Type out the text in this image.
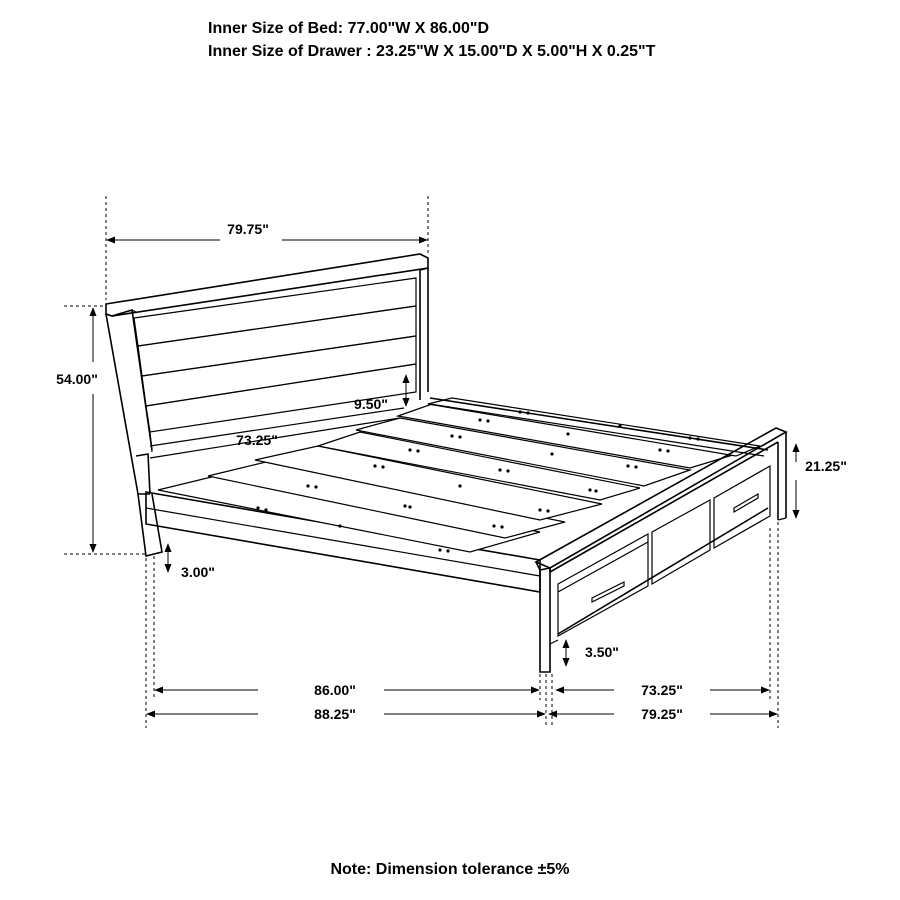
Inner Size of Bed: 77.00"W X 86.00"D
Inner Size of Drawer : 23.25"W X 15.00"D X 5.00"H X 0.25"T
79.75"
54.00"
9.50"
73.25"
3.00"
21.25"
3.50"
86.00"
88.25"
73.25"
79.25"
Note: Dimension tolerance ±5%
